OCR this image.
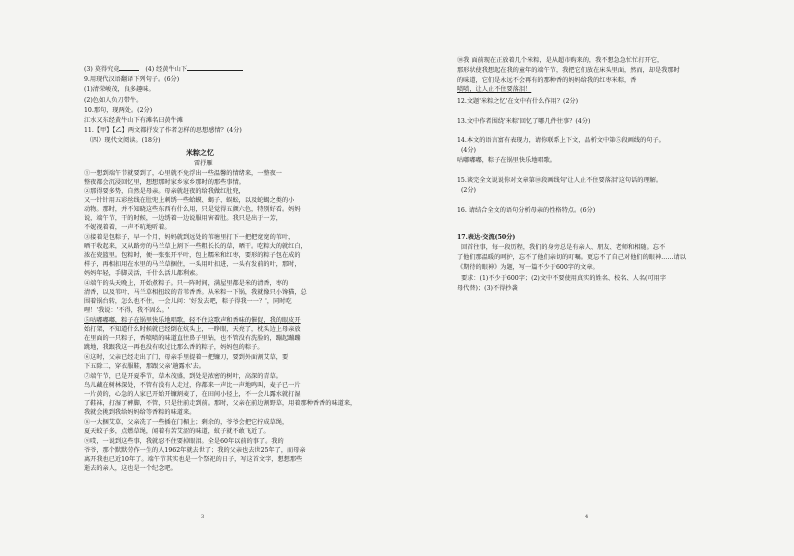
(3) 莫得究竟	(4) 经黄牛山下
9.用现代汉语翻译下列句子。(6分)
(1)清荣峻茂，良多趣味。
(2)色如人负刀带牛。
10.那句，现两处。(2分)
江水又东经黄牛山下有滩名曰黄牛滩
11.【甲】【乙】两文都抒发了作者怎样的思想感情？(4分)
（四）现代文阅读。(18分)
米粽之忆
雷抒雁
①一想到端午节就要到了，心里就不免浮出一些温馨的情绪来，一整夜一
整夜都会沉浸回忆里，想想那时家乡家乡那时的那些事情。
②那得要多势，自然是母亲。母亲就赶夜的给我做红肚兜，
又一针针用五彩丝线在肚兜上刺绣一些蛤蟆、蝎子、蜈蚣，以及蛇蝎之类的小
动物。那时，并不知晓这些东西有什么用，只是觉得五颜六色，特别好看。妈妈
说，端午节，干的时候，一边绣着一边说服用害着肚。我只是出于一芳，
不妮视着着，一声不吭地听着。
③接着是包粽子，早一个月，妈妈就到远处的苇塘里打下一把把宽宽的苇叶，
晒干收起来，又从路旁的马兰草上割下一些粗长长的草，晒干。吃粽大的就红白，
浓在瓷篮里。包粽时，便一张张开平叶，包上糯米和红枣，要形的粽子包在成的
样子，再相扣用在水里的马兰草捆住，一头用叶扣进，一头有发前的叶，那时，
妈妈年轻，手脚灵活，千什么活儿都利索。
④端午的头天晚上，开始煮粽子。只一阵时间，满屋里都是米的清香，枣的
清香，以及苇叶、马兰草相扭纹的青苇香香。从米粽一下锅，我就像只小馋猫，总
围着锅台转，怎么也不住，一会儿问：'好发去吧，粽子得我一一？'，同时吃
哩！'我说：'不得，我不固么。'
⑤咕嘟嘟嘟，粽子在锅里快乐地唱歌，轻不住这歌声和香味的催促，我的眼皮开
始打架，不知道什么时候就已经倒在炕头上，一睁眼，天亮了，枕头边上母亲放
在里面的一只粽子，香喷喷的味道直往鼻子里钻，也不管没有洗脸的，蹦起蹦蹦
跳地，我跟我这一再也没有吹过比那么香的粽子，妈妈包的粽子。
⑥这时，父亲已经走出了门，母亲手里提着一把镰刀，要到外面割艾草，要
下五除二，穿衣服鞋，那跟父亲'趟露水'去。
⑦端午节，已是开夏季节，草木茂盛，到处是浓密的树叶，高深的青草。
鸟儿藏在树林深处，不管有没有人走过，你都来一声比一声地鸣叫，麦子已一片
一片黄的，心急的人家已开始开镰割麦了，在田间小径上，不一会儿露水就打湿
了鞋袜，打湿了裤脚，不管，只是往前走到前。那时，父亲在前边割野草，用着那种香香的味道来，
我就会挑到我给妈妈给等香粽的味道来。
⑧一大捆艾草，父亲冼了一些插在门楣上；剩余的，爷爷会把它拧成草绳，
夏天蚊子多，点燃草绳，闻着有苦艾涩的味道，蚊子就不敢飞近了。
⑨哎，一说到这些事，我就忍不住要掉眼泪。全是60年以前的事了。我的
爷爷，那个默默劳作一生的人1962年就去世了；我的父亲也去世25年了，而母亲
离开我也已近10年了。端午节其实也是一个祭祀的日子，写这首文字，想想那些
逝去的亲人，这也是一个纪念吧。
3
⑩我 面前现在正放着几个米粽，是从超市购来的，我不想急急忙忙打开它，
那形状使我想起在我的童年的端午节，我把它们放在床头里面，然而，却是我那时
的味道，它们是永远不会再有的那种香的妈妈给我的红枣米粽，香
喷喷，让人止不住要落泪！
12.文题'米粽之忆'在文中有什么作用？(2分)
13.文中作者围绕'米粽'回忆了哪几件往事？(4分)
14.本文的语言富有表现力，请你联系上下文，品析文中第⑤段画线的句子。
(4分)
咕嘟嘟嘟，粽子在锅里快乐地唱歌。
15.谈完全文说说你对文章第⑩段画线句'让人止不住要落泪'这句话的理解。
(2分)
16. 请结合全文的语句分析母亲的性格特点。(6分)
17.表达·交流(50分)
回首往事，每一段历程，我们的身旁总是有亲人、朋友、老师和相随。忘不
了他们那温暖的呵护，忘不了他们亲切的叮嘱。更忘不了自己对他们的眼神……请以
《期待的眼神》为题，写一篇不少于600字的文章。
要求：(1)不少于600字；(2)文中不要使用真实的姓名、校名、人名(可用字
母代替)；(3)不得抄袭
4
